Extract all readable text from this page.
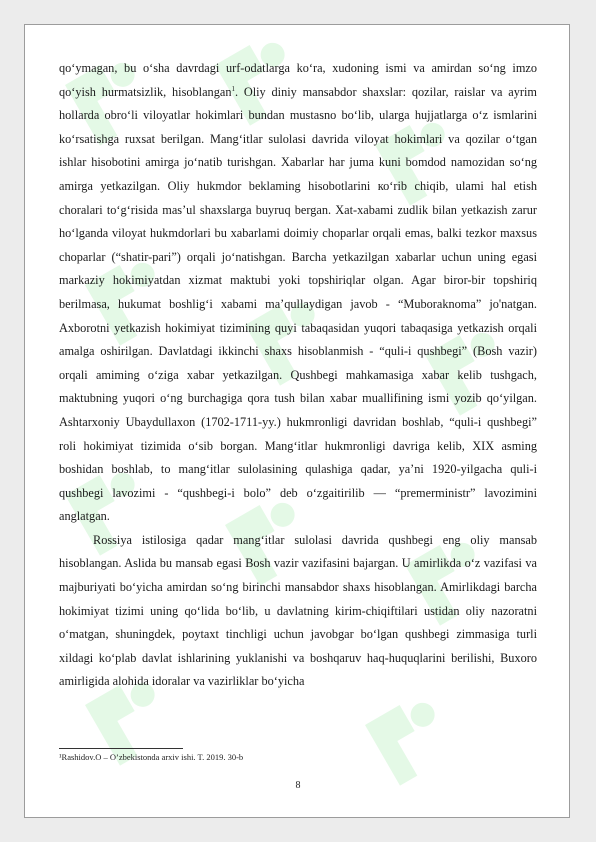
qo‘ymagan, bu o‘sha davrdagi urf-odatlarga ko‘ra, xudoning ismi va amirdan so‘ng imzo qo‘yish hurmatsizlik, hisoblangan$^1$. Oliy diniy mansabdor shaxslar: qozilar, raislar va ayrim hollarda obro‘li viloyatlar hokimlari bundan mustasno bo‘lib, ularga hujjatlarga o‘z ismlarini ko‘rsatishga ruxsat berilgan. Mang‘itlar sulolasi davrida viloyat hokimlari va qozilar o‘tgan ishlar hisobotini amirga jo‘natib turishgan. Xabarlar har juma kuni bomdod namozidan so‘ng amirga yetkazilgan. Oliy hukmdor beklaming hisobotlarini ко‘rib chiqib, ulami hal etish choralari to‘g‘risida mas’ul shaxslarga buyruq bergan. Xat-xabami zudlik bilan yetkazish zarur ho‘lganda viloyat hukmdorlari bu xabarlami doimiy choparlar orqali emas, balki tezkor maxsus choparlar (“shatir-pari”) orqali jo‘natishgan. Barcha yetkazilgan xabarlar uchun uning egasi markaziy hokimiyatdan xizmat maktubi yoki topshiriqlar olgan. Agar biror-bir topshiriq berilmasa, hukumat boshlig‘i xabami ma’qullaydigan javob - “Muboraknoma” jo'natgan. Axborotni yetkazish hokimiyat tizimining quyi tabaqasidan yuqori tabaqasiga yetkazish orqali amalga oshirilgan. Davlatdagi ikkinchi shaxs hisoblanmish - “quli-i qushbegi” (Bosh vazir) orqali amiming o‘ziga xabar yetkazilgan. Qushbegi mahkamasiga xabar kelib tushgach, maktubning yuqori o‘ng burchagiga qora tush bilan xabar muallifining ismi yozib qo‘yilgan. Ashtarxoniy Ubaydullaxon (1702-1711-yy.) hukmronligi davridan boshlab, “quli-i qushbegi” roli hokimiyat tizimida o‘sib borgan. Mang‘itlar hukmronligi davriga kelib, XIX asming boshidan boshlab, to mang‘itlar sulolasining qulashiga qadar, ya’ni 1920-yilgacha quli-i qushbegi lavozimi - “qushbegi-i bolo” deb o‘zgaitirilib — “premerministr” lavozimini anglatgan.

Rossiya istilosiga qadar mang‘itlar sulolasi davrida qushbegi eng oliy mansab hisoblangan. Aslida bu mansab egasi Bosh vazir vazifasini bajargan. U amirlikda o‘z vazifasi va majburiyati bo‘yicha amirdan so‘ng birinchi mansabdor shaxs hisoblangan. Amirlikdagi barcha hokimiyat tizimi uning qo‘lida bo‘lib, u davlatning kirim-chiqiftilari ustidan oliy nazoratni o‘matgan, shuningdek, poytaxt tinchligi uchun javobgar bo‘lgan qushbegi zimmasiga turli xildagi ko‘plab davlat ishlarining yuklanishi va boshqaruv haq-huquqlarini berilishi, Buxoro amirligida alohida idoralar va vazirliklar bo‘yicha

¹Rashidov.O – O’zbekistonda arxiv ishi. T. 2019. 30-b
8
